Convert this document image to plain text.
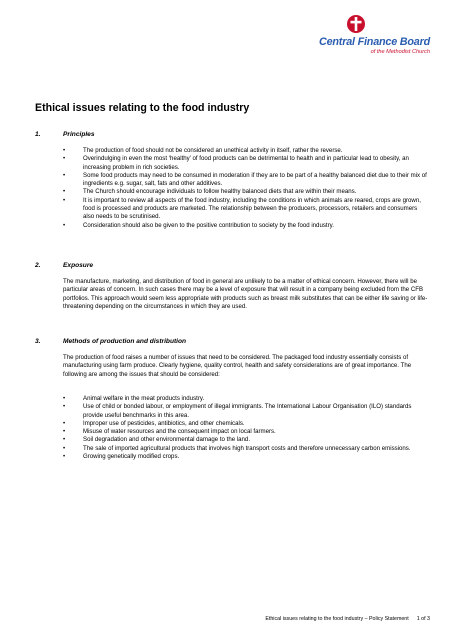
Central Finance Board
of the Methodist Church
Ethical issues relating to the food industry
1.	Principles
•	The production of food should not be considered an unethical activity in itself, rather the reverse.
•	Overindulging in even the most ‘healthy’ of food products can be detrimental to health and in particular lead to obesity, an increasing problem in rich societies.
•	Some food products may need to be consumed in moderation if they are to be part of a healthy balanced diet due to their mix of ingredients e.g. sugar, salt, fats and other additives.
•	The Church should encourage individuals to follow healthy balanced diets that are within their means.
•	It is important to review all aspects of the food industry, including the conditions in which animals are reared, crops are grown, food is processed and products are marketed. The relationship between the producers, processors, retailers and consumers also needs to be scrutinised.
•	Consideration should also be given to the positive contribution to society by the food industry.
2.	Exposure

The manufacture, marketing, and distribution of food in general are unlikely to be a matter of ethical concern. However, there will be particular areas of concern. In such cases there may be a level of exposure that will result in a company being excluded from the CFB portfolios. This approach would seem less appropriate with products such as breast milk substitutes that can be either life saving or life-threatening depending on the circumstances in which they are used.

3.	Methods of production and distribution

The production of food raises a number of issues that need to be considered. The packaged food industry essentially consists of manufacturing using farm produce. Clearly hygiene, quality control, health and safety considerations are of great importance. The following are among the issues that should be considered:

•	Animal welfare in the meat products industry.
•	Use of child or bonded labour, or employment of illegal immigrants. The International Labour Organisation (ILO) standards provide useful benchmarks in this area.
•	Improper use of pesticides, antibiotics, and other chemicals.
•	Misuse of water resources and the consequent impact on local farmers.
•	Soil degradation and other environmental damage to the land.
•	The sale of imported agricultural products that involves high transport costs and therefore unnecessary carbon emissions.
•	Growing genetically modified crops.
Ethical issues relating to the food industry – Policy Statement 1 of 3
